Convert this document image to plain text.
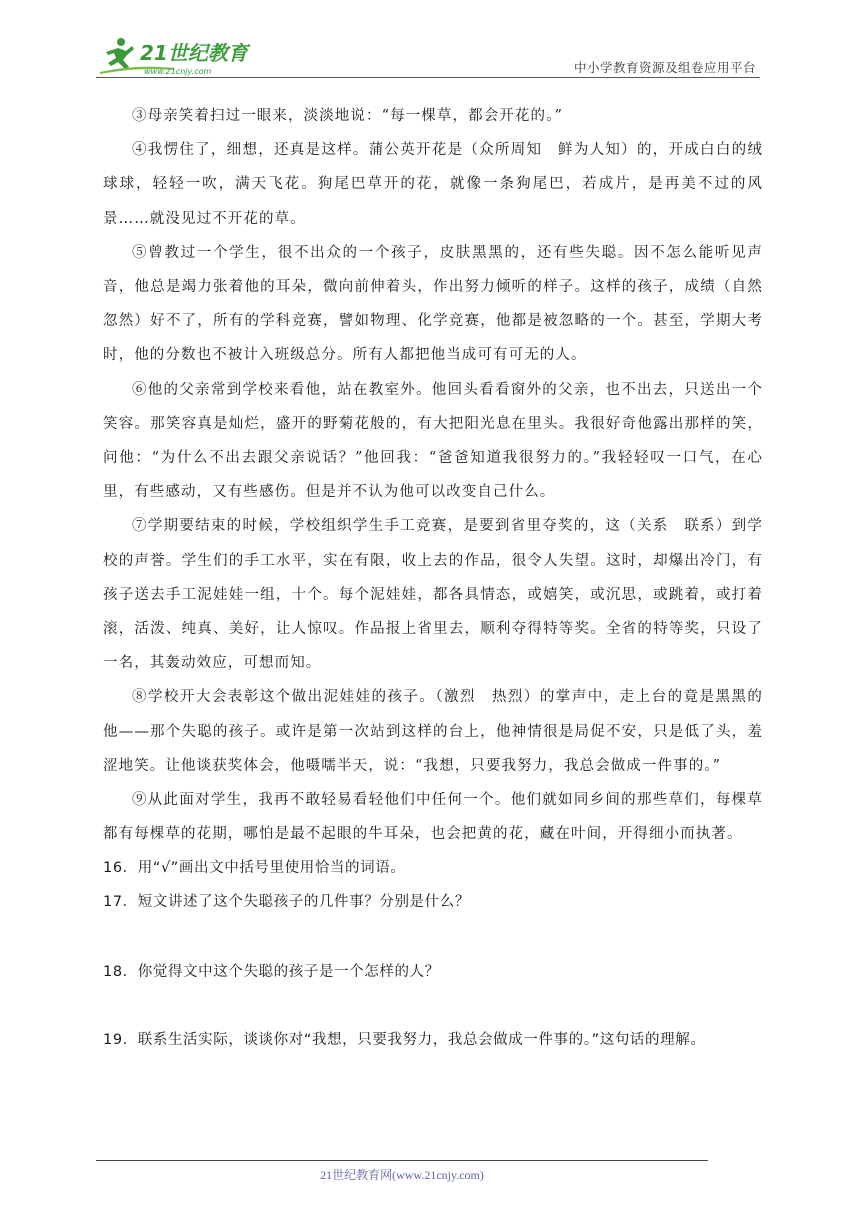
21世纪教育
www.21cnjy.com	中小学教育资源及组卷应用平台

③母亲笑着扫过一眼来，淡淡地说：“每一棵草，都会开花的。”

④我愣住了，细想，还真是这样。蒲公英开花是（众所周知　鲜为人知）的，开成白白的绒球球，轻轻一吹，满天飞花。狗尾巴草开的花，就像一条狗尾巴，若成片，是再美不过的风景……就没见过不开花的草。

⑤曾教过一个学生，很不出众的一个孩子，皮肤黑黑的，还有些失聪。因不怎么能听见声音，他总是竭力张着他的耳朵，微向前伸着头，作出努力倾听的样子。这样的孩子，成绩（自然　忽然）好不了，所有的学科竞赛，譬如物理、化学竞赛，他都是被忽略的一个。甚至，学期大考时，他的分数也不被计入班级总分。所有人都把他当成可有可无的人。

⑥他的父亲常到学校来看他，站在教室外。他回头看看窗外的父亲，也不出去，只送出一个笑容。那笑容真是灿烂，盛开的野菊花般的，有大把阳光息在里头。我很好奇他露出那样的笑，问他：“为什么不出去跟父亲说话？”他回我：“爸爸知道我很努力的。”我轻轻叹一口气，在心里，有些感动，又有些感伤。但是并不认为他可以改变自己什么。

⑦学期要结束的时候，学校组织学生手工竞赛，是要到省里夺奖的，这（关系　联系）到学校的声誉。学生们的手工水平，实在有限，收上去的作品，很令人失望。这时，却爆出冷门，有孩子送去手工泥娃娃一组，十个。每个泥娃娃，都各具情态，或嬉笑，或沉思，或跳着，或打着滚，活泼、纯真、美好，让人惊叹。作品报上省里去，顺利夺得特等奖。全省的特等奖，只设了一名，其轰动效应，可想而知。

⑧学校开大会表彰这个做出泥娃娃的孩子。（激烈　热烈）的掌声中，走上台的竟是黑黑的他——那个失聪的孩子。或许是第一次站到这样的台上，他神情很是局促不安，只是低了头，羞涩地笑。让他谈获奖体会，他嗫嚅半天，说：“我想，只要我努力，我总会做成一件事的。”

⑨从此面对学生，我再不敢轻易看轻他们中任何一个。他们就如同乡间的那些草们，每棵草都有每棵草的花期，哪怕是最不起眼的牛耳朵，也会把黄的花，藏在叶间，开得细小而执著。

16．用“√”画出文中括号里使用恰当的词语。

17．短文讲述了这个失聪孩子的几件事？分别是什么？

18．你觉得文中这个失聪的孩子是一个怎样的人？

19．联系生活实际，谈谈你对“我想，只要我努力，我总会做成一件事的。”这句话的理解。

21世纪教育网(www.21cnjy.com)
